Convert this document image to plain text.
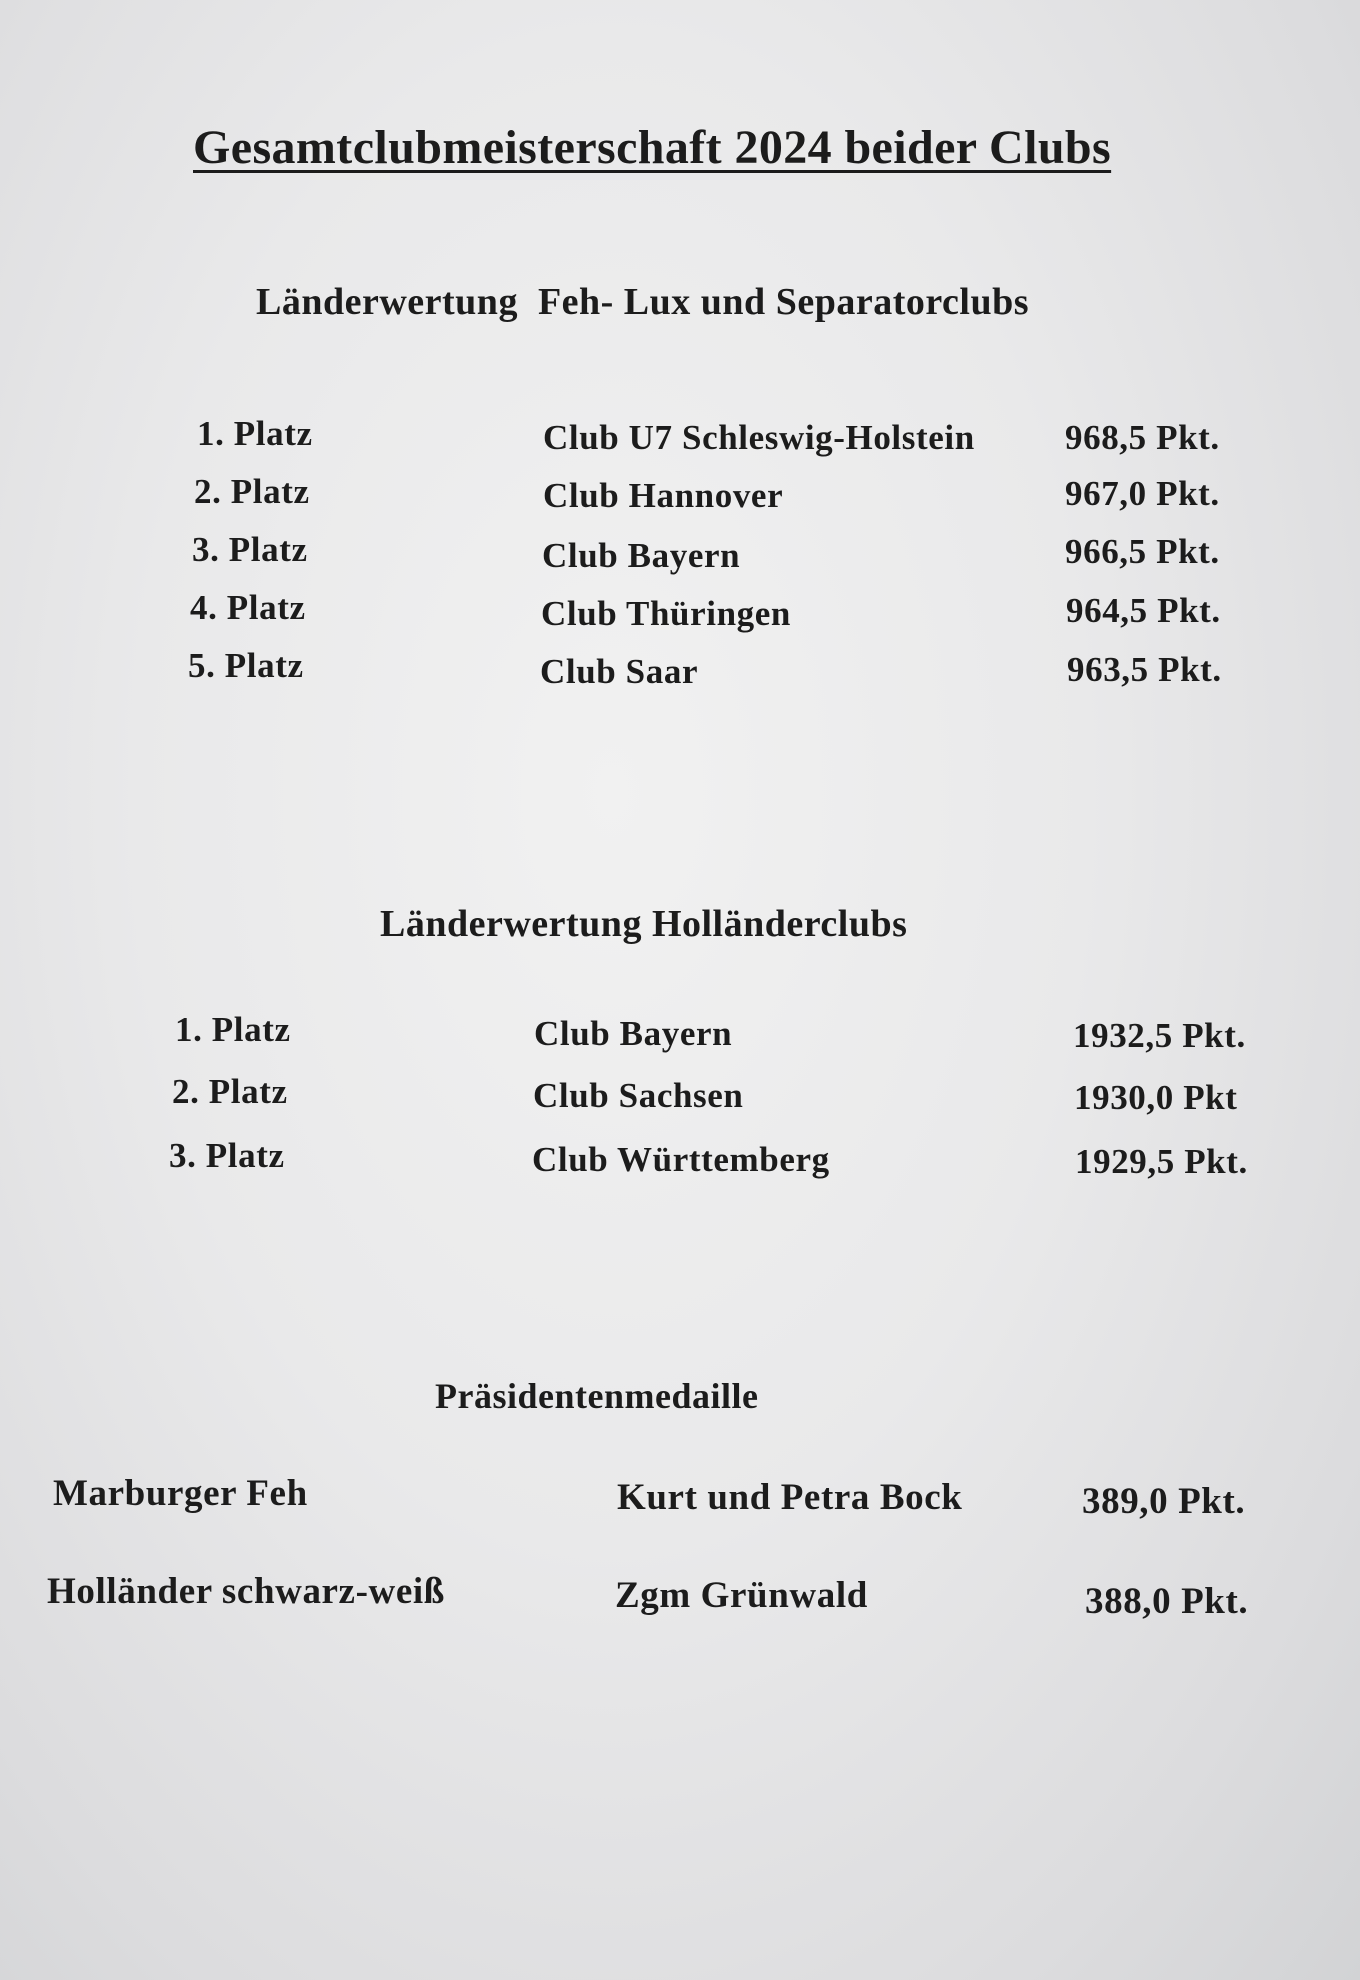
Gesamtclubmeisterschaft 2024 beider Clubs
Länderwertung  Feh- Lux und Separatorclubs
1. Platz	Club U7 Schleswig-Holstein	968,5 Pkt.
2. Platz	Club Hannover	967,0 Pkt.
3. Platz	Club Bayern	966,5 Pkt.
4. Platz	Club Thüringen	964,5 Pkt.
5. Platz	Club Saar	963,5 Pkt.
Länderwertung Holländerclubs
1. Platz	Club Bayern	1932,5 Pkt.
2. Platz	Club Sachsen	1930,0 Pkt
3. Platz	Club Württemberg	1929,5 Pkt.
Präsidentenmedaille
Marburger Feh	Kurt und Petra Bock	389,0 Pkt.
Holländer schwarz-weiß	Zgm Grünwald	388,0 Pkt.
